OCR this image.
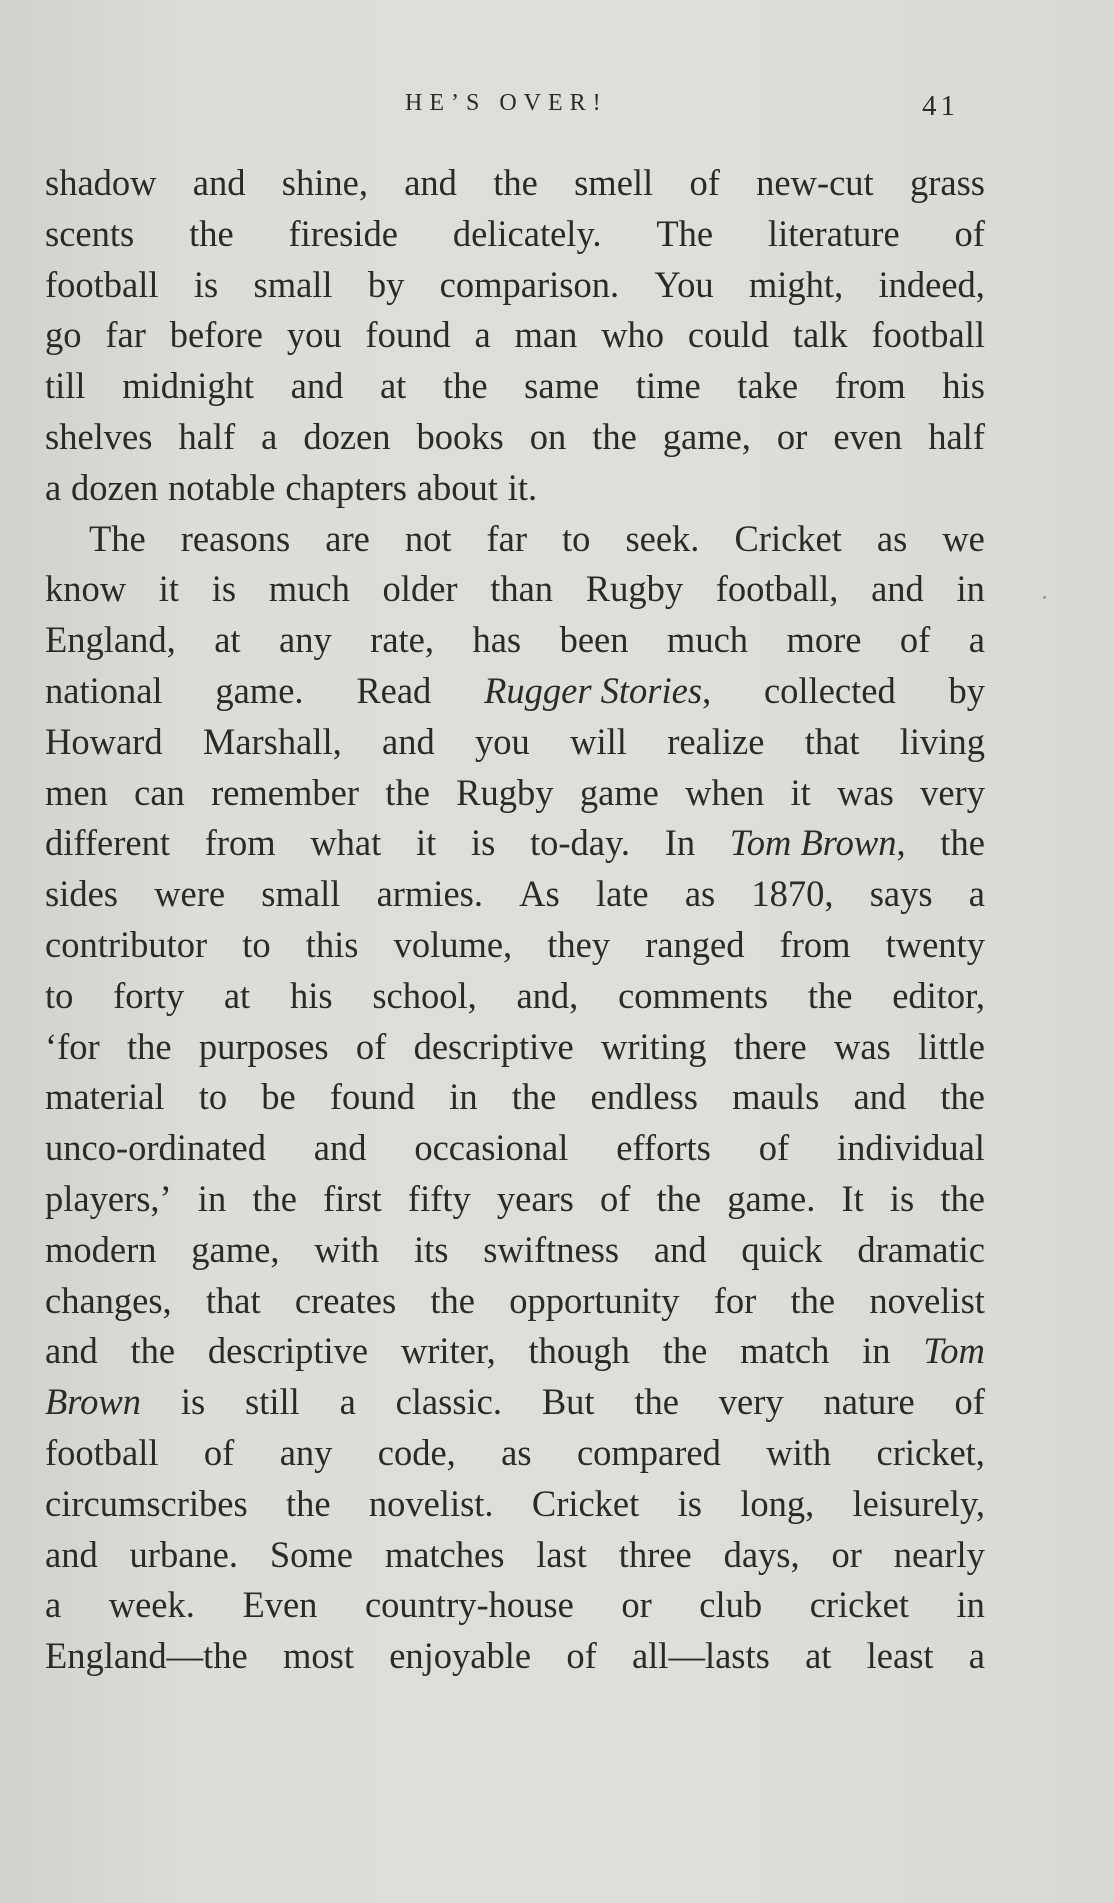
HE’S OVER!	41
shadow and shine, and the smell of new-cut grass
scents the fireside delicately. The literature of
football is small by comparison. You might, indeed,
go far before you found a man who could talk football
till midnight and at the same time take from his
shelves half a dozen books on the game, or even half
a dozen notable chapters about it.
The reasons are not far to seek. Cricket as we
know it is much older than Rugby football, and in
England, at any rate, has been much more of a
national game. Read Rugger Stories, collected by
Howard Marshall, and you will realize that living
men can remember the Rugby game when it was very
different from what it is to-day. In Tom Brown, the
sides were small armies. As late as 1870, says a
contributor to this volume, they ranged from twenty
to forty at his school, and, comments the editor,
‘for the purposes of descriptive writing there was little
material to be found in the endless mauls and the
unco-ordinated and occasional efforts of individual
players,’ in the first fifty years of the game. It is the
modern game, with its swiftness and quick dramatic
changes, that creates the opportunity for the novelist
and the descriptive writer, though the match in Tom
Brown is still a classic. But the very nature of
football of any code, as compared with cricket,
circumscribes the novelist. Cricket is long, leisurely,
and urbane. Some matches last three days, or nearly
a week. Even country-house or club cricket in
England—the most enjoyable of all—lasts at least a
